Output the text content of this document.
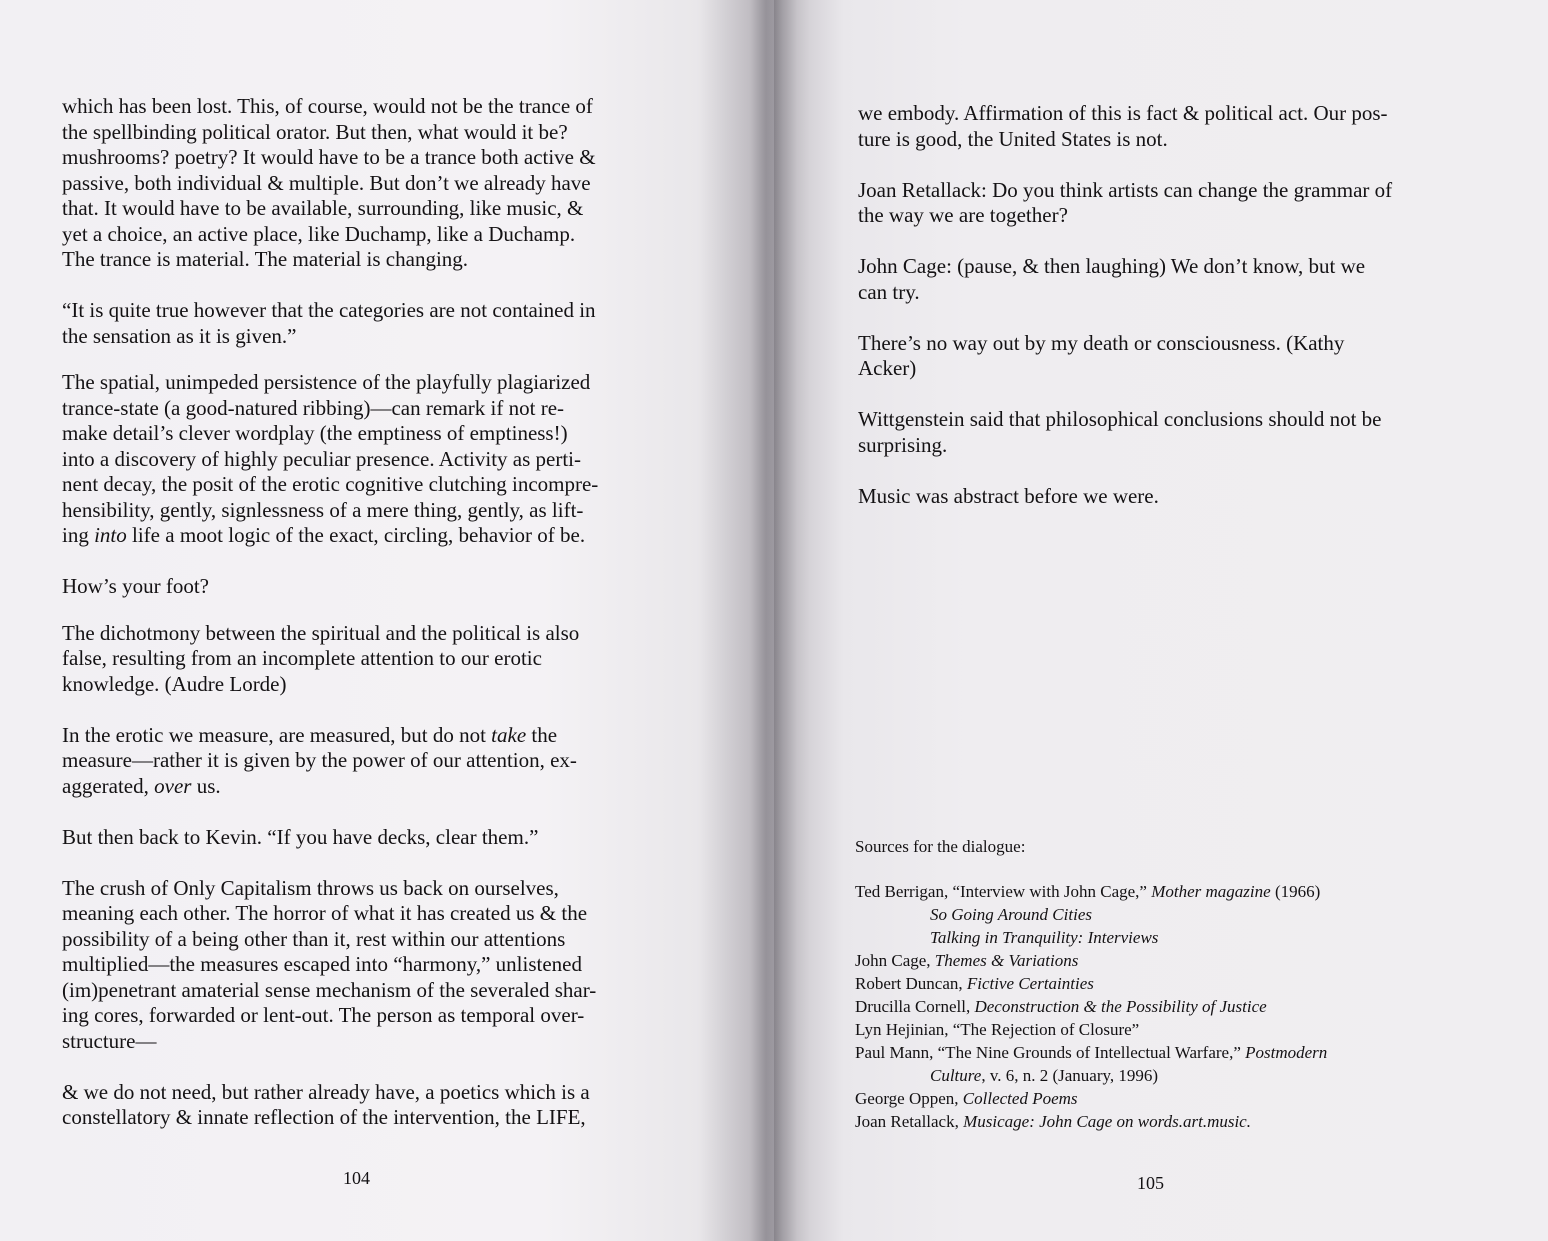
which has been lost. This, of course, would not be the trance of
the spellbinding political orator. But then, what would it be?
mushrooms? poetry? It would have to be a trance both active &
passive, both individual & multiple. But don’t we already have
that. It would have to be available, surrounding, like music, &
yet a choice, an active place, like Duchamp, like a Duchamp.
The trance is material. The material is changing.

“It is quite true however that the categories are not contained in
the sensation as it is given.”

The spatial, unimpeded persistence of the playfully plagiarized
trance-state (a good-natured ribbing)—can remark if not re-
make detail’s clever wordplay (the emptiness of emptiness!)
into a discovery of highly peculiar presence. Activity as perti-
nent decay, the posit of the erotic cognitive clutching incompre-
hensibility, gently, signlessness of a mere thing, gently, as lift-
ing into life a moot logic of the exact, circling, behavior of be.

How’s your foot?

The dichotmony between the spiritual and the political is also
false, resulting from an incomplete attention to our erotic
knowledge. (Audre Lorde)

In the erotic we measure, are measured, but do not take the
measure—rather it is given by the power of our attention, ex-
aggerated, over us.

But then back to Kevin. “If you have decks, clear them.”

The crush of Only Capitalism throws us back on ourselves,
meaning each other. The horror of what it has created us & the
possibility of a being other than it, rest within our attentions
multiplied—the measures escaped into “harmony,” unlistened
(im)penetrant amaterial sense mechanism of the severaled shar-
ing cores, forwarded or lent-out. The person as temporal over-
structure—

& we do not need, but rather already have, a poetics which is a
constellatory & innate reflection of the intervention, the LIFE,

104

we embody. Affirmation of this is fact & political act. Our pos-
ture is good, the United States is not.

Joan Retallack: Do you think artists can change the grammar of
the way we are together?

John Cage: (pause, & then laughing) We don’t know, but we
can try.

There’s no way out by my death or consciousness. (Kathy
Acker)

Wittgenstein said that philosophical conclusions should not be
surprising.

Music was abstract before we were.

Sources for the dialogue:
Ted Berrigan, “Interview with John Cage,” Mother magazine (1966)
So Going Around Cities
Talking in Tranquility: Interviews
John Cage, Themes & Variations
Robert Duncan, Fictive Certainties
Drucilla Cornell, Deconstruction & the Possibility of Justice
Lyn Hejinian, “The Rejection of Closure”
Paul Mann, “The Nine Grounds of Intellectual Warfare,” Postmodern
Culture, v. 6, n. 2 (January, 1996)
George Oppen, Collected Poems
Joan Retallack, Musicage: John Cage on words.art.music.
105
